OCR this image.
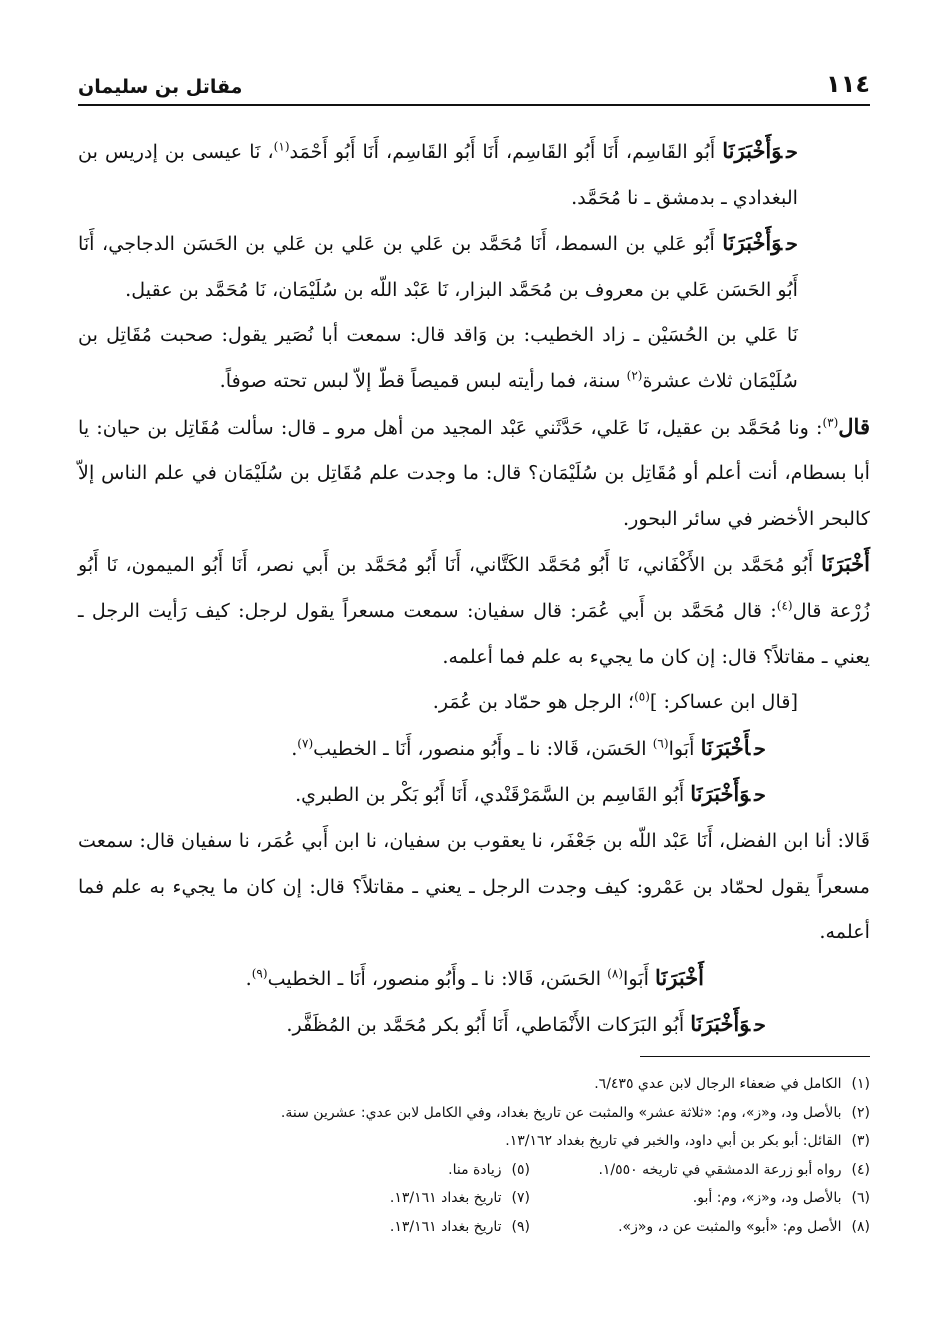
١١٤
مقاتل بن سليمان

حوَأَخْبَرَنَا أَبُو القَاسِم، أَنَا أَبُو القَاسِم، أَنَا أَبُو القَاسِم، أَنَا أَبُو أَحْمَد$^{(١)}$، نَا عيسى بن إدريس بن البغدادي ـ بدمشق ـ نا مُحَمَّد.

حوَأَخْبَرَنَا أَبُو عَلي بن السمط، أَنَا مُحَمَّد بن عَلي بن عَلي بن عَلي بن الحَسَن الدجاجي، أَنَا أَبُو الحَسَن عَلي بن معروف بن مُحَمَّد البزار، نَا عَبْد اللّه بن سُلَيْمَان، نَا مُحَمَّد بن عقيل.

نَا عَلي بن الحُسَيْن ـ زاد الخطيب: بن وَاقد قال: سمعت أبا نُصَير يقول: صحبت مُقَاتِل بن سُلَيْمَان ثلاث عشرة$^{(٢)}$ سنة، فما رأيته لبس قميصاً قطّ إلاّ لبس تحته صوفاً.

قال$^{(٣)}$: ونا مُحَمَّد بن عقيل، نَا عَلي، حَدَّثَني عَبْد المجيد من أهل مرو ـ قال: سألت مُقَاتِل بن حيان: يا أبا بسطام، أنت أعلم أو مُقَاتِل بن سُلَيْمَان؟ قال: ما وجدت علم مُقَاتِل بن سُلَيْمَان في علم الناس إلاّ كالبحر الأخضر في سائر البحور.

أَخْبَرَنَا أَبُو مُحَمَّد بن الأَكْفَاني، نَا أَبُو مُحَمَّد الكَتَّاني، أَنَا أَبُو مُحَمَّد بن أَبي نصر، أَنَا أَبُو الميمون، نَا أَبُو زُرْعة قال$^{(٤)}$: قال مُحَمَّد بن أَبي عُمَر: قال سفيان: سمعت مسعراً يقول لرجل: كيف رَأيت الرجل ـ يعني ـ مقاتلاً؟ قال: إن كان ما يجيء به علم فما أعلمه.

[قال ابن عساكر: ]$^{(٥)}$؛ الرجل هو حمّاد بن عُمَر.

حأَخْبَرَنَا أَبَوا$^{(٦)}$ الحَسَن، قَالا: نا ـ وأَبُو منصور، أَنَا ـ الخطيب$^{(٧)}$.

حوَأَخْبَرَنَا أَبُو القَاسِم بن السَّمَرْقَنْدي، أَنَا أَبُو بَكْر بن الطبري.

قَالا: أنا ابن الفضل، أَنَا عَبْد اللّه بن جَعْفَر، نا يعقوب بن سفيان، نا ابن أَبي عُمَر، نا سفيان قال: سمعت مسعراً يقول لحمّاد بن عَمْرو: كيف وجدت الرجل ـ يعني ـ مقاتلاً؟ قال: إن كان ما يجيء به علم فما أعلمه.

أَخْبَرَنَا أَبَوا$^{(٨)}$ الحَسَن، قَالا: نا ـ وأَبُو منصور، أَنَا ـ الخطيب$^{(٩)}$.

حوَأَخْبَرَنَا أَبُو البَرَكات الأَنْمَاطي، أَنَا أَبُو بكر مُحَمَّد بن المُظَفَّر.

(١)الكامل في ضعفاء الرجال لابن عدي ٦/٤٣٥.
(٢)بالأصل ود، و«ز»، وم: «ثلاثة عشر» والمثبت عن تاريخ بغداد، وفي الكامل لابن عدي: عشرين سنة.
(٣)القائل: أبو بكر بن أبي داود، والخبر في تاريخ بغداد ١٣/١٦٢.
(٤)رواه أبو زرعة الدمشقي في تاريخه ١/٥٥٠.
(٥)زيادة منا.
(٦)بالأصل ود، و«ز»، وم: أبو.
(٧)تاريخ بغداد ١٣/١٦١.
(٨)الأصل وم: «أبو» والمثبت عن د، و«ز».
(٩)تاريخ بغداد ١٣/١٦١.
